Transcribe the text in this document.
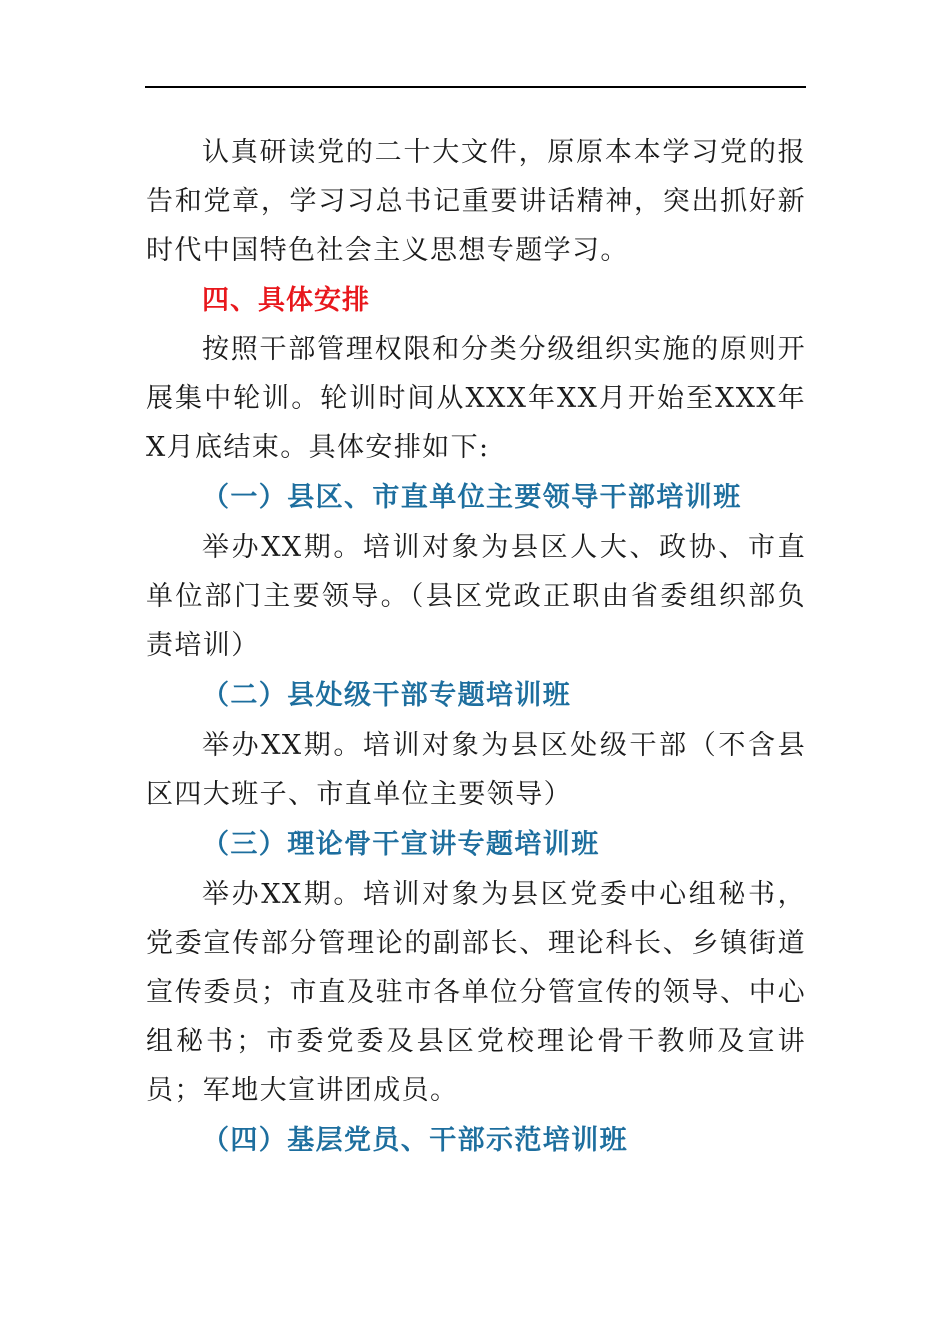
认真研读党的二十大文件，原原本本学习党的报告和党章，学习习总书记重要讲话精神，突出抓好新时代中国特色社会主义思想专题学习。

四、具体安排

按照干部管理权限和分类分级组织实施的原则开展集中轮训。轮训时间从XXX年XX月开始至XXX年X月底结束。具体安排如下:

（一）县区、市直单位主要领导干部培训班

举办XX期。培训对象为县区人大、政协、市直单位部门主要领导。（县区党政正职由省委组织部负责培训）

（二）县处级干部专题培训班

举办XX期。培训对象为县区处级干部（不含县区四大班子、市直单位主要领导）

（三）理论骨干宣讲专题培训班

举办XX期。培训对象为县区党委中心组秘书，党委宣传部分管理论的副部长、理论科长、乡镇街道宣传委员；市直及驻市各单位分管宣传的领导、中心组秘书；市委党委及县区党校理论骨干教师及宣讲员；军地大宣讲团成员。

（四）基层党员、干部示范培训班
